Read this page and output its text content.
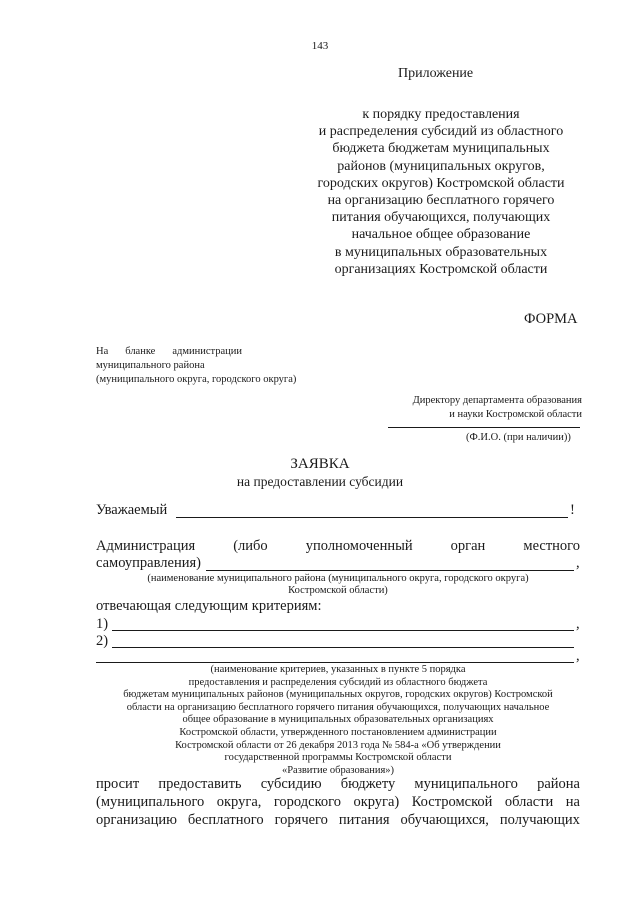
143
Приложение
к порядку предоставления
и распределения субсидий из областного
бюджета бюджетам муниципальных
районов (муниципальных округов,
городских округов) Костромской области
на организацию бесплатного горячего
питания обучающихся, получающих
начальное общее образование
в муниципальных образовательных
организациях Костромской области
ФОРМА
На бланке администрации
муниципального района
(муниципального округа, городского округа)
Директору департамента образования
и науки Костромской области
(Ф.И.О. (при наличии))
ЗАЯВКА
на предоставлении субсидии
Уважаемый	!
Администрация	(либо	уполномоченный	орган	местного
самоуправления)	,
(наименование муниципального района (муниципального округа, городского округа)
Костромской области)
отвечающая следующим критериям:
1)	,
2)
,
(наименование критериев, указанных в пункте 5 порядка
предоставления и распределения субсидий из областного бюджета
бюджетам муниципальных районов (муниципальных округов, городских округов) Костромской
области на организацию бесплатного горячего питания обучающихся, получающих начальное
общее образование в муниципальных образовательных организациях
Костромской области, утвержденного постановлением администрации
Костромской области от 26 декабря 2013 года № 584-а «Об утверждении
государственной программы Костромской области
«Развитие образования»)
просит предоставить субсидию бюджету муниципального района
(муниципального округа, городского округа) Костромской области на
организацию бесплатного горячего питания обучающихся, получающих
